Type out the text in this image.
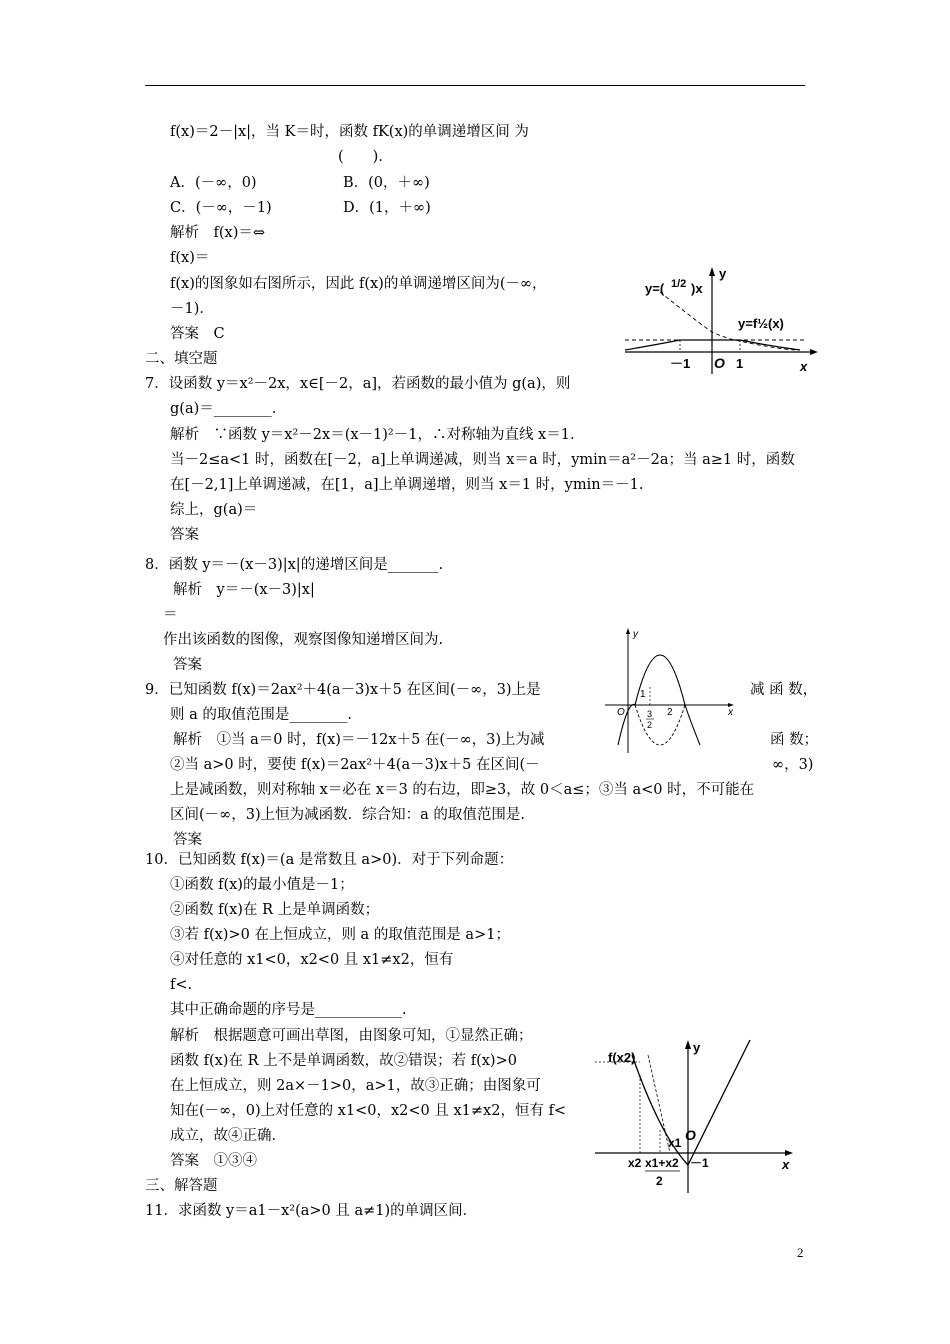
f(x)＝2－|x|，当 K＝时，函数 fK(x)的单调递增区间 为
(　　)．
A．(－∞，0)	B．(0，＋∞)
C．(－∞，－1)	D．(1，＋∞)
解析　f(x)＝⇔
f(x)＝
f(x)的图象如右图所示，因此 f(x)的单调递增区间为(－∞，
－1)．
答案　C
二、填空题
7．设函数 y＝x²－2x，x∈[－2，a]，若函数的最小值为 g(a)，则
g(a)＝________.
解析　∵函数 y＝x²－2x＝(x－1)²－1，∴对称轴为直线 x＝1.
当－2≤a<1 时，函数在[－2，a]上单调递减，则当 x＝a 时，ymin＝a²－2a；当 a≥1 时，函数
在[－2,1]上单调递减，在[1，a]上单调递增，则当 x＝1 时，ymin＝－1.
综上，g(a)＝
答案
8．函数 y＝－(x－3)|x|的递增区间是_______.
解析　y＝－(x－3)|x|
＝
作出该函数的图像，观察图像知递增区间为.
答案
9．已知函数 f(x)＝2ax²＋4(a－3)x＋5 在区间(－∞，3)上是	减 函 数，
则 a 的取值范围是________.
解析　①当 a＝0 时，f(x)＝－12x＋5 在(－∞，3)上为减	函 数；
②当 a>0 时，要使 f(x)＝2ax²＋4(a－3)x＋5 在区间(－	∞，3)
上是减函数，则对称轴 x＝必在 x＝3 的右边，即≥3，故 0＜a≤；③当 a<0 时，不可能在
区间(－∞，3)上恒为减函数．综合知：a 的取值范围是.
答案
10．已知函数 f(x)＝(a 是常数且 a>0)．对于下列命题：
①函数 f(x)的最小值是－1；
②函数 f(x)在 R 上是单调函数；
③若 f(x)>0 在上恒成立，则 a 的取值范围是 a>1；
④对任意的 x1<0，x2<0 且 x1≠x2，恒有
f<.
其中正确命题的序号是____________.
解析　根据题意可画出草图，由图象可知，①显然正确；
函数 f(x)在 R 上不是单调函数，故②错误；若 f(x)>0
在上恒成立，则 2a×－1>0，a>1，故③正确；由图象可
知在(－∞，0)上对任意的 x1<0，x2<0 且 x1≠x2，恒有 f<
成立，故④正确．
答案　①③④
三、解答题
11．求函数 y＝a1－x²(a>0 且 a≠1)的单调区间．
y=( 1/2 )x
y
y=f½(x)
－1 O 1	x
y
O
1
3
2
2	x
f(x2)
y
x1 O
x2 x1+x2
2
－1	x
2
